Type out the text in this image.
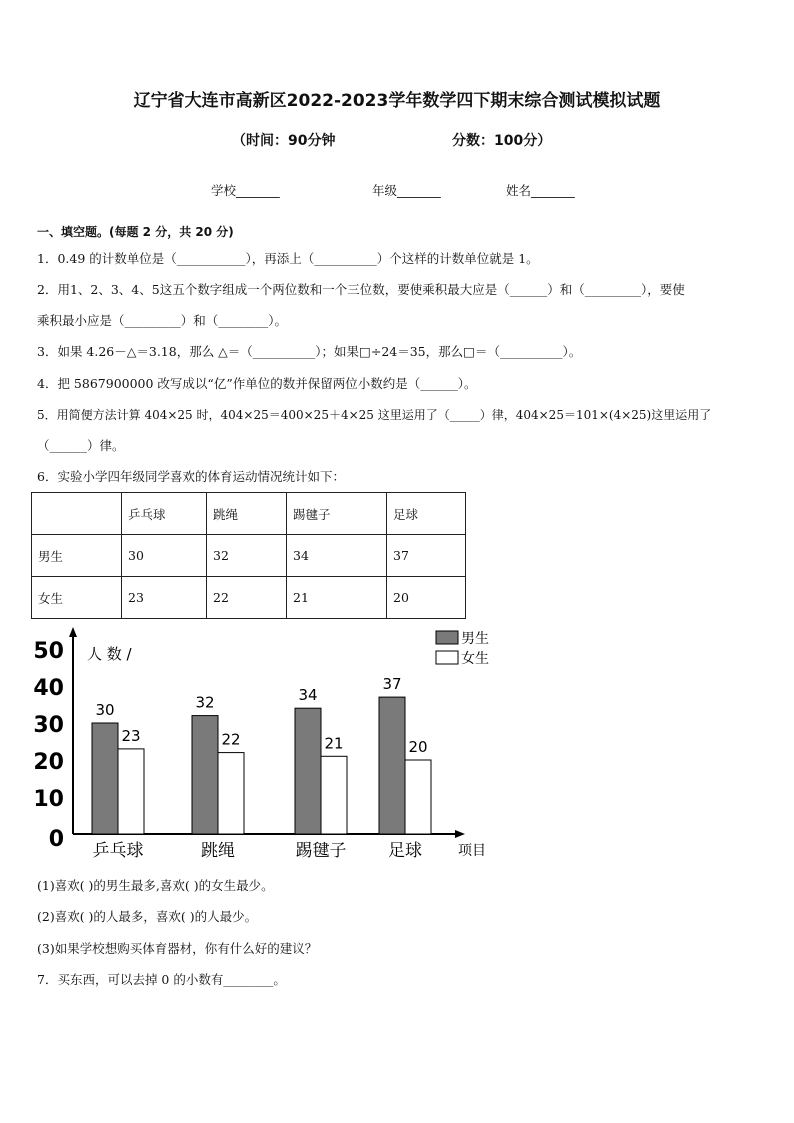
辽宁省大连市高新区2022-2023学年数学四下期末综合测试模拟试题
（时间：90分钟	分数：100分）
学校_______	年级_______	姓名_______
一、填空题。(每题 2 分，共 20 分)
1．0.49 的计数单位是（___________），再添上（__________）个这样的计数单位就是 1。
2．用1、2、3、4、5这五个数字组成一个两位数和一个三位数，要使乘积最大应是（______）和（_________），要使
乘积最小应是（_________）和（________）。
3．如果 4.26－△＝3.18，那么 △＝（__________）；如果□÷24＝35，那么□＝（__________）。
4．把 5867900000 改写成以“亿”作单位的数并保留两位小数约是（______）。
5．用简便方法计算 404×25 时，404×25＝400×25＋4×25 这里运用了（_____）律，404×25＝101×(4×25)这里运用了
（______）律。
6．实验小学四年级同学喜欢的体育运动情况统计如下：
	乒乓球	跳绳	踢毽子	足球
男生	30	32	34	37
女生	23	22	21	20
0
10
20
30
40
50 人 数 /
项目
30
23
32
22
34
21
37
20
乒乓球	跳绳	踢毽子 足球
男生
女生
(1)喜欢( )的男生最多,喜欢( )的女生最少。
(2)喜欢( )的人最多，喜欢( )的人最少。
(3)如果学校想购买体育器材，你有什么好的建议？
7．买东西，可以去掉 0 的小数有________。
